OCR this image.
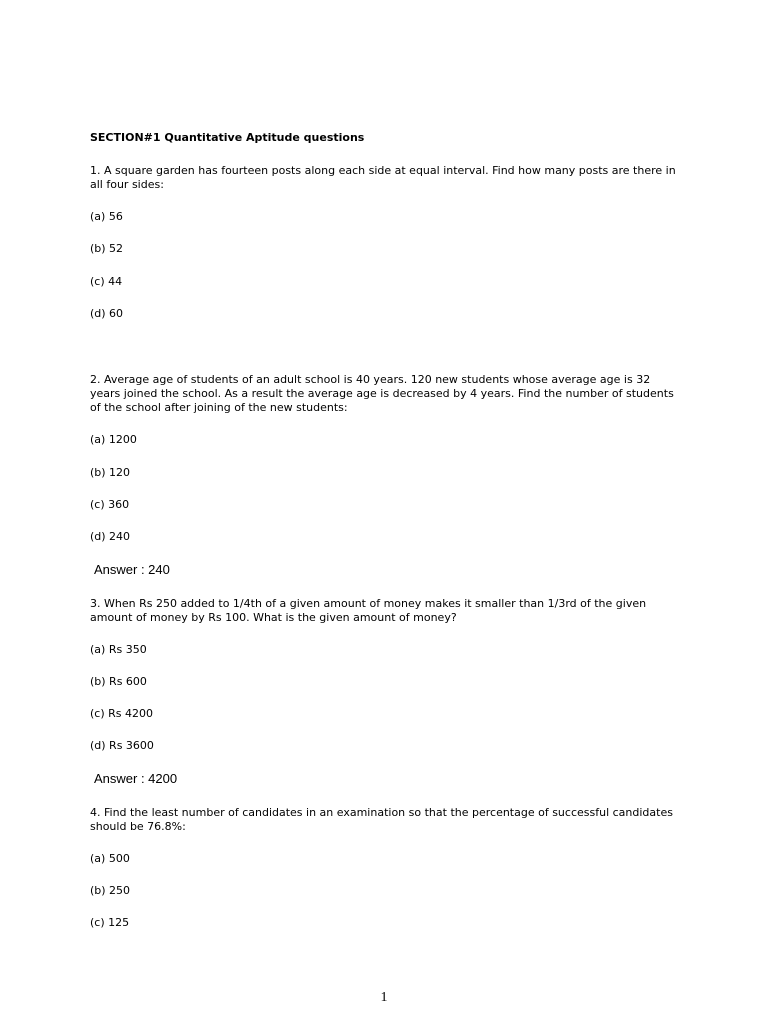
SECTION#1 Quantitative Aptitude questions
1. A square garden has fourteen posts along each side at equal interval. Find how many posts are there in all four sides:
(a) 56
(b) 52
(c) 44
(d) 60
2. Average age of students of an adult school is 40 years. 120 new students whose average age is 32 years joined the school. As a result the average age is decreased by 4 years. Find the number of students of the school after joining of the new students:
(a) 1200
(b) 120
(c) 360
(d) 240
Answer : 240
3. When Rs 250 added to 1/4th of a given amount of money makes it smaller than 1/3rd of the given amount of money by Rs 100. What is the given amount of money?
(a) Rs 350
(b) Rs 600
(c) Rs 4200
(d) Rs 3600
Answer : 4200
4. Find the least number of candidates in an examination so that the percentage of successful candidates should be 76.8%:
(a) 500
(b) 250
(c) 125
1
